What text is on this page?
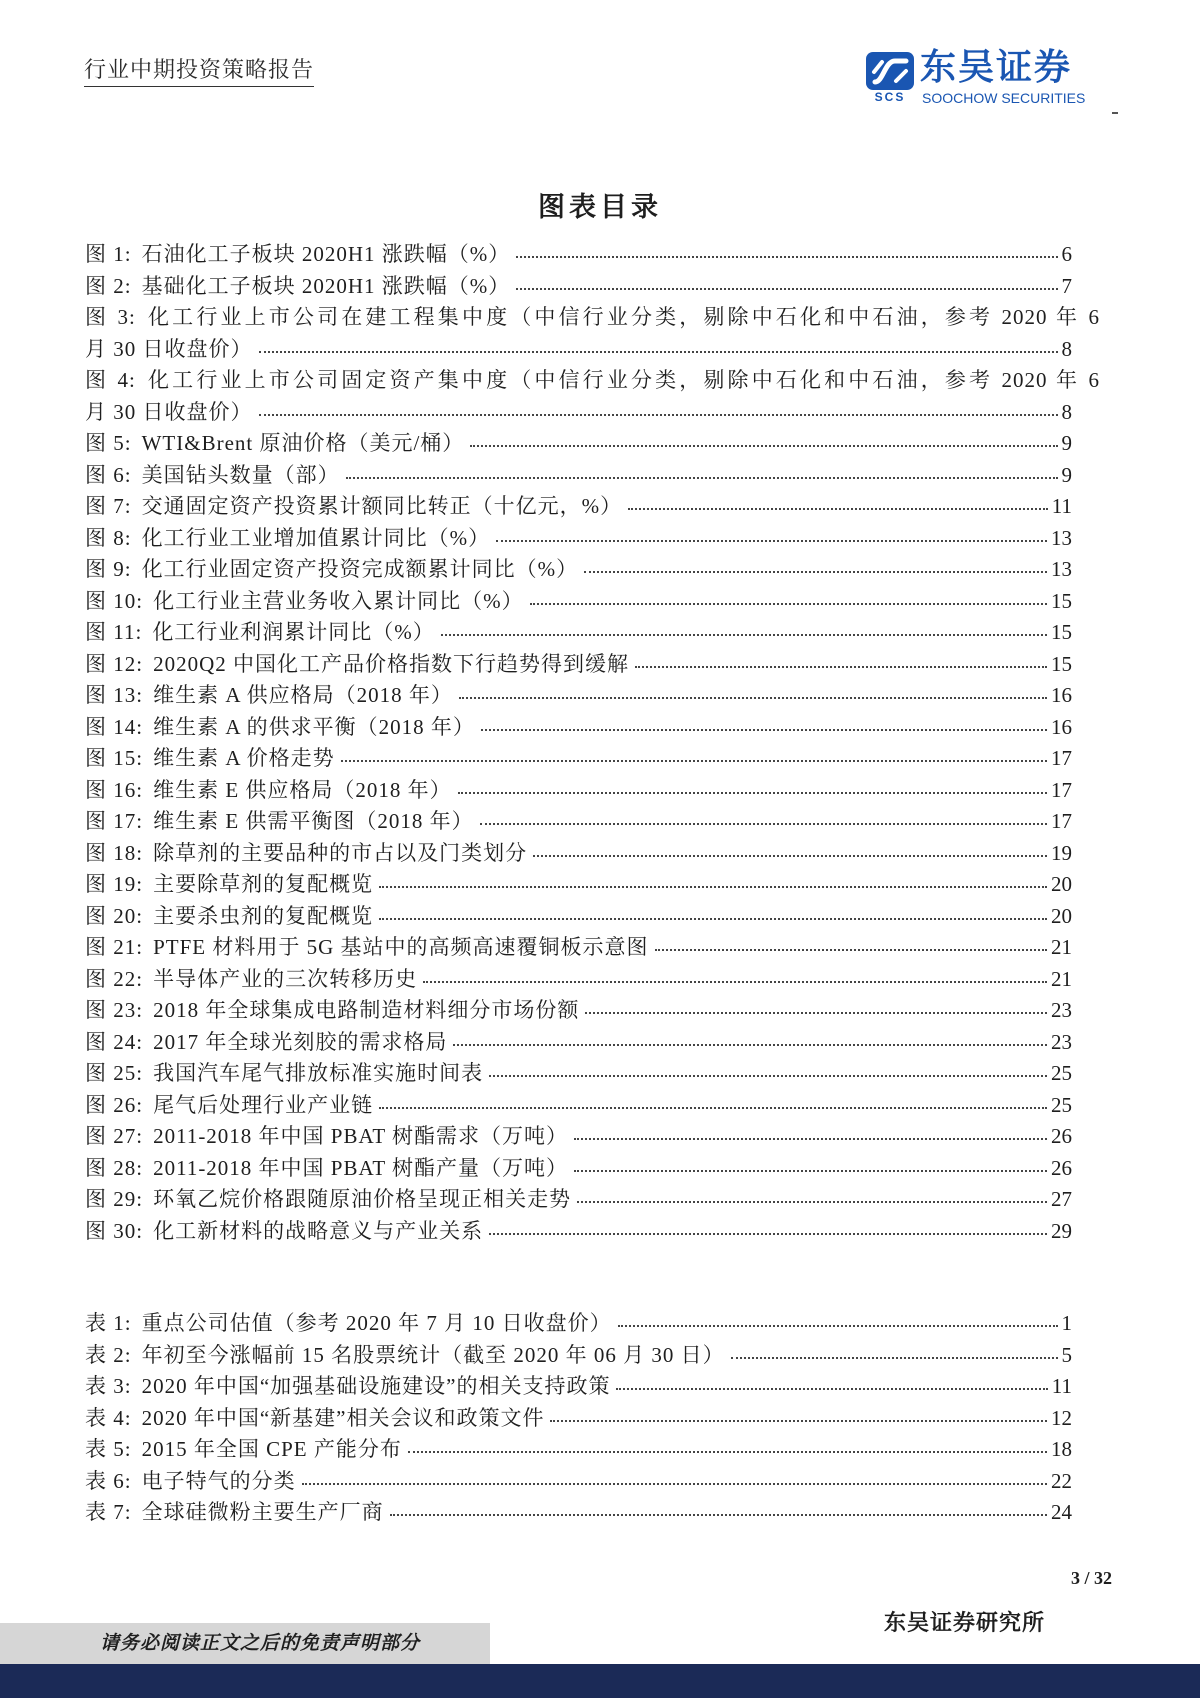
行业中期投资策略报告
SCS
东吴证券
SOOCHOW SECURITIES
图表目录
图 1: 石油化工子板块 2020H1 涨跌幅（%）	6
图 2: 基础化工子板块 2020H1 涨跌幅（%）	7
图 3: 化工行业上市公司在建工程集中度（中信行业分类，剔除中石化和中石油，参考 2020 年 6
月 30 日收盘价）	8
图 4: 化工行业上市公司固定资产集中度（中信行业分类，剔除中石化和中石油，参考 2020 年 6
月 30 日收盘价）	8
图 5: WTI&Brent 原油价格（美元/桶）	9
图 6: 美国钻头数量（部）	9
图 7: 交通固定资产投资累计额同比转正（十亿元，%）	11
图 8: 化工行业工业增加值累计同比（%）	13
图 9: 化工行业固定资产投资完成额累计同比（%）	13
图 10: 化工行业主营业务收入累计同比（%）	15
图 11: 化工行业利润累计同比（%）	15
图 12: 2020Q2 中国化工产品价格指数下行趋势得到缓解	15
图 13: 维生素 A 供应格局（2018 年）	16
图 14: 维生素 A 的供求平衡（2018 年）	16
图 15: 维生素 A 价格走势	17
图 16: 维生素 E 供应格局（2018 年）	17
图 17: 维生素 E 供需平衡图（2018 年）	17
图 18: 除草剂的主要品种的市占以及门类划分	19
图 19: 主要除草剂的复配概览	20
图 20: 主要杀虫剂的复配概览	20
图 21: PTFE 材料用于 5G 基站中的高频高速覆铜板示意图	21
图 22: 半导体产业的三次转移历史	21
图 23: 2018 年全球集成电路制造材料细分市场份额	23
图 24: 2017 年全球光刻胶的需求格局	23
图 25: 我国汽车尾气排放标准实施时间表	25
图 26: 尾气后处理行业产业链	25
图 27: 2011-2018 年中国 PBAT 树酯需求（万吨）	26
图 28: 2011-2018 年中国 PBAT 树酯产量（万吨）	26
图 29: 环氧乙烷价格跟随原油价格呈现正相关走势	27
图 30: 化工新材料的战略意义与产业关系	29
表 1: 重点公司估值（参考 2020 年 7 月 10 日收盘价）	1
表 2: 年初至今涨幅前 15 名股票统计（截至 2020 年 06 月 30 日）	5
表 3: 2020 年中国“加强基础设施建设”的相关支持政策	11
表 4: 2020 年中国“新基建”相关会议和政策文件	12
表 5: 2015 年全国 CPE 产能分布	18
表 6: 电子特气的分类	22
表 7: 全球硅微粉主要生产厂商	24
3 / 32
东吴证券研究所
请务必阅读正文之后的免责声明部分
